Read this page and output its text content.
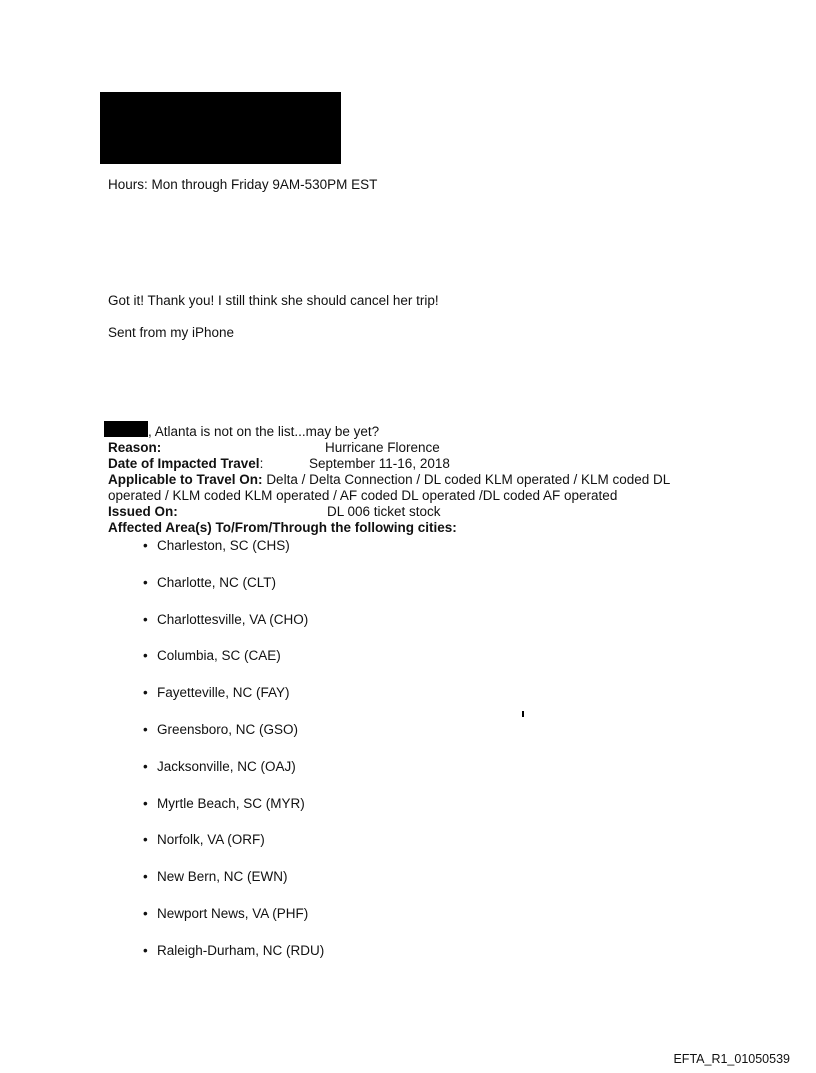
Hours: Mon through Friday 9AM-530PM EST
Got it! Thank you! I still think she should cancel her trip!
Sent from my iPhone
, Atlanta is not on the list...may be yet?
Reason:	Hurricane Florence
Date of Impacted Travel:	September 11-16, 2018
Applicable to Travel On: Delta / Delta Connection / DL coded KLM operated / KLM coded DL
operated / KLM coded KLM operated / AF coded DL operated /DL coded AF operated
Issued On:	DL 006 ticket stock
Affected Area(s) To/From/Through the following cities:
• Charleston, SC (CHS)
• Charlotte, NC (CLT)
• Charlottesville, VA (CHO)
• Columbia, SC (CAE)
• Fayetteville, NC (FAY)
• Greensboro, NC (GSO)
• Jacksonville, NC (OAJ)
• Myrtle Beach, SC (MYR)
• Norfolk, VA (ORF)
• New Bern, NC (EWN)
• Newport News, VA (PHF)
• Raleigh-Durham, NC (RDU)
EFTA_R1_01050539
